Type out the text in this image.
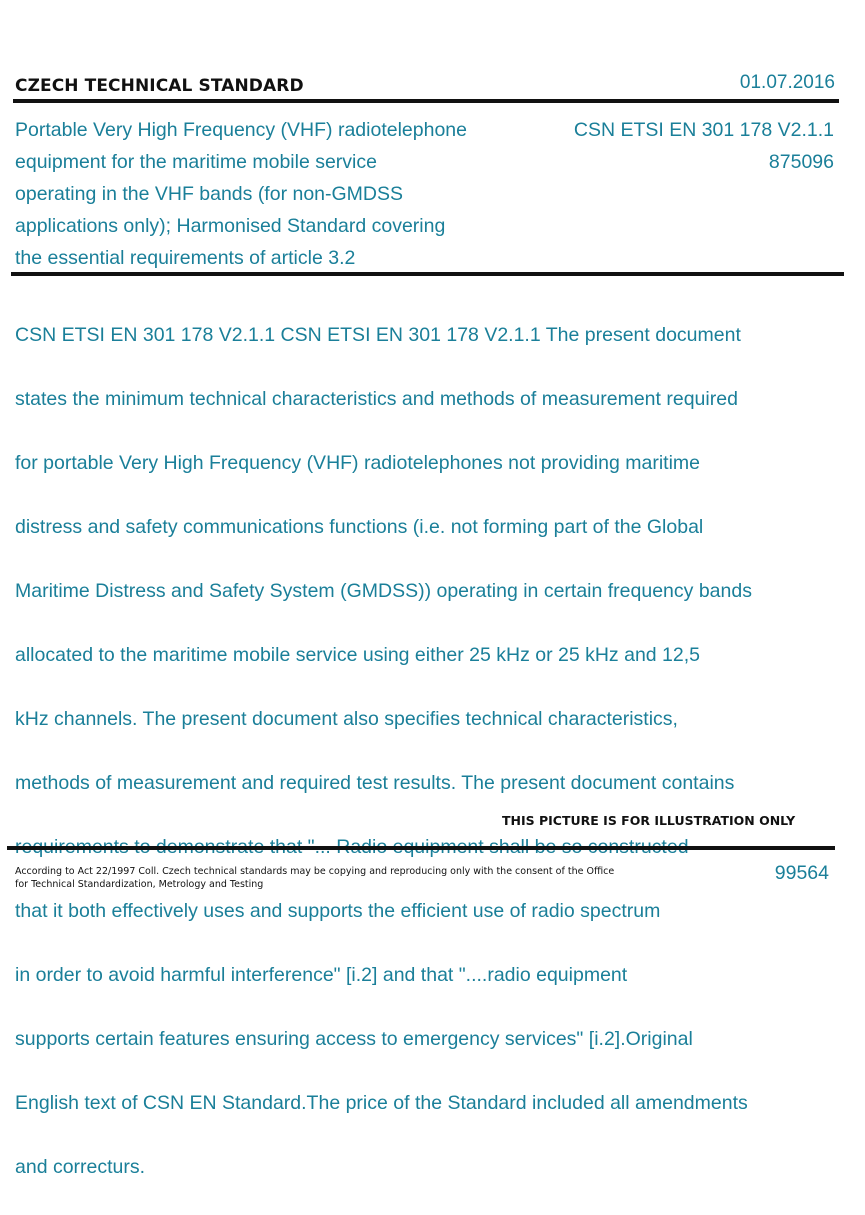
CZECH TECHNICAL STANDARD	01.07.2016
Portable Very High Frequency (VHF) radiotelephone
equipment for the maritime mobile service
operating in the VHF bands (for non-GMDSS
applications only); Harmonised Standard covering
the essential requirements of article 3.2
CSN ETSI EN 301 178 V2.1.1
875096

CSN ETSI EN 301 178 V2.1.1 CSN ETSI EN 301 178 V2.1.1 The present document

states the minimum technical characteristics and methods of measurement required

for portable Very High Frequency (VHF) radiotelephones not providing maritime

distress and safety communications functions (i.e. not forming part of the Global

Maritime Distress and Safety System (GMDSS)) operating in certain frequency bands

allocated to the maritime mobile service using either 25 kHz or 25 kHz and 12,5

kHz channels. The present document also specifies technical characteristics,

methods of measurement and required test results. The present document contains

that it both effectively uses and supports the efficient use of radio spectrum

in order to avoid harmful interference" [i.2] and that "....radio equipment

supports certain features ensuring access to emergency services" [i.2].Original

English text of CSN EN Standard.The price of the Standard included all amendments

and correcturs.

THIS PICTURE IS FOR ILLUSTRATION ONLY
According to Act 22/1997 Coll. Czech technical standards may be copying and reproducing only with the consent of the Office
for Technical Standardization, Metrology and Testing
99564
